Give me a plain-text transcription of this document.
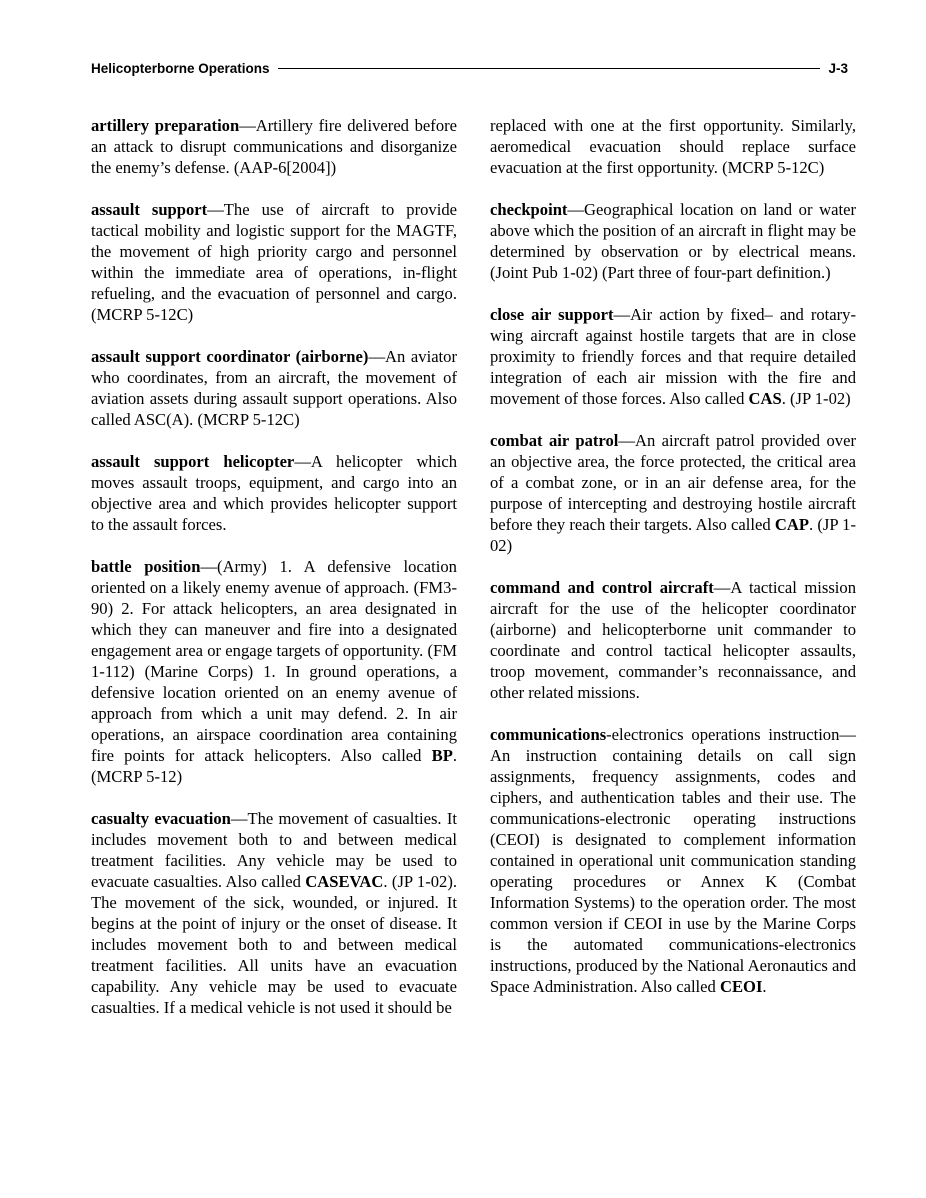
Helicopterborne Operations	J-3

artillery preparation—Artillery fire delivered before an attack to disrupt communications and disorganize the enemy’s defense. (AAP-6[2004])

assault support—The use of aircraft to provide tactical mobility and logistic support for the MAGTF, the movement of high priority cargo and personnel within the immediate area of operations, in-flight refueling, and the evacuation of personnel and cargo. (MCRP 5-12C)

assault support coordinator (airborne)—An aviator who coordinates, from an aircraft, the movement of aviation assets during assault support operations. Also called ASC(A). (MCRP 5-12C)

assault support helicopter—A helicopter which moves assault troops, equipment, and cargo into an objective area and which provides helicopter support to the assault forces.

battle position—(Army) 1. A defensive location oriented on a likely enemy avenue of approach. (FM3-90) 2. For attack helicopters, an area designated in which they can maneuver and fire into a designated engagement area or engage targets of opportunity. (FM 1-112) (Marine Corps) 1. In ground operations, a defensive location oriented on an enemy avenue of approach from which a unit may defend. 2. In air operations, an airspace coordination area containing fire points for attack helicopters. Also called BP. (MCRP 5-12)

casualty evacuation—The movement of casualties. It includes movement both to and between medical treatment facilities. Any vehicle may be used to evacuate casualties. Also called CASEVAC. (JP 1-02). The movement of the sick, wounded, or injured. It begins at the point of injury or the onset of disease. It includes movement both to and between medical treatment facilities. All units have an evacuation capability. Any vehicle may be used to evacuate casualties. If a medical vehicle is not used it should be

replaced with one at the first opportunity. Similarly, aeromedical evacuation should replace surface evacuation at the first opportunity. (MCRP 5-12C)

checkpoint—Geographical location on land or water above which the position of an aircraft in flight may be determined by observation or by electrical means. (Joint Pub 1-02) (Part three of four-part definition.)

close air support—Air action by fixed– and rotary-wing aircraft against hostile targets that are in close proximity to friendly forces and that require detailed integration of each air mission with the fire and movement of those forces. Also called CAS. (JP 1-02)

combat air patrol—An aircraft patrol provided over an objective area, the force protected, the critical area of a combat zone, or in an air defense area, for the purpose of intercepting and destroying hostile aircraft before they reach their targets. Also called CAP. (JP 1-02)

command and control aircraft—A tactical mission aircraft for the use of the helicopter coordinator (airborne) and helicopterborne unit commander to coordinate and control tactical helicopter assaults, troop movement, commander’s reconnaissance, and other related missions.

communications-electronics operations instruction—An instruction containing details on call sign assignments, frequency assignments, codes and ciphers, and authentication tables and their use. The communications-electronic operating instructions (CEOI) is designated to complement information contained in operational unit communication standing operating procedures or Annex K (Combat Information Systems) to the operation order. The most common version if CEOI in use by the Marine Corps is the automated communications-electronics instructions, produced by the National Aeronautics and Space Administration. Also called CEOI.
